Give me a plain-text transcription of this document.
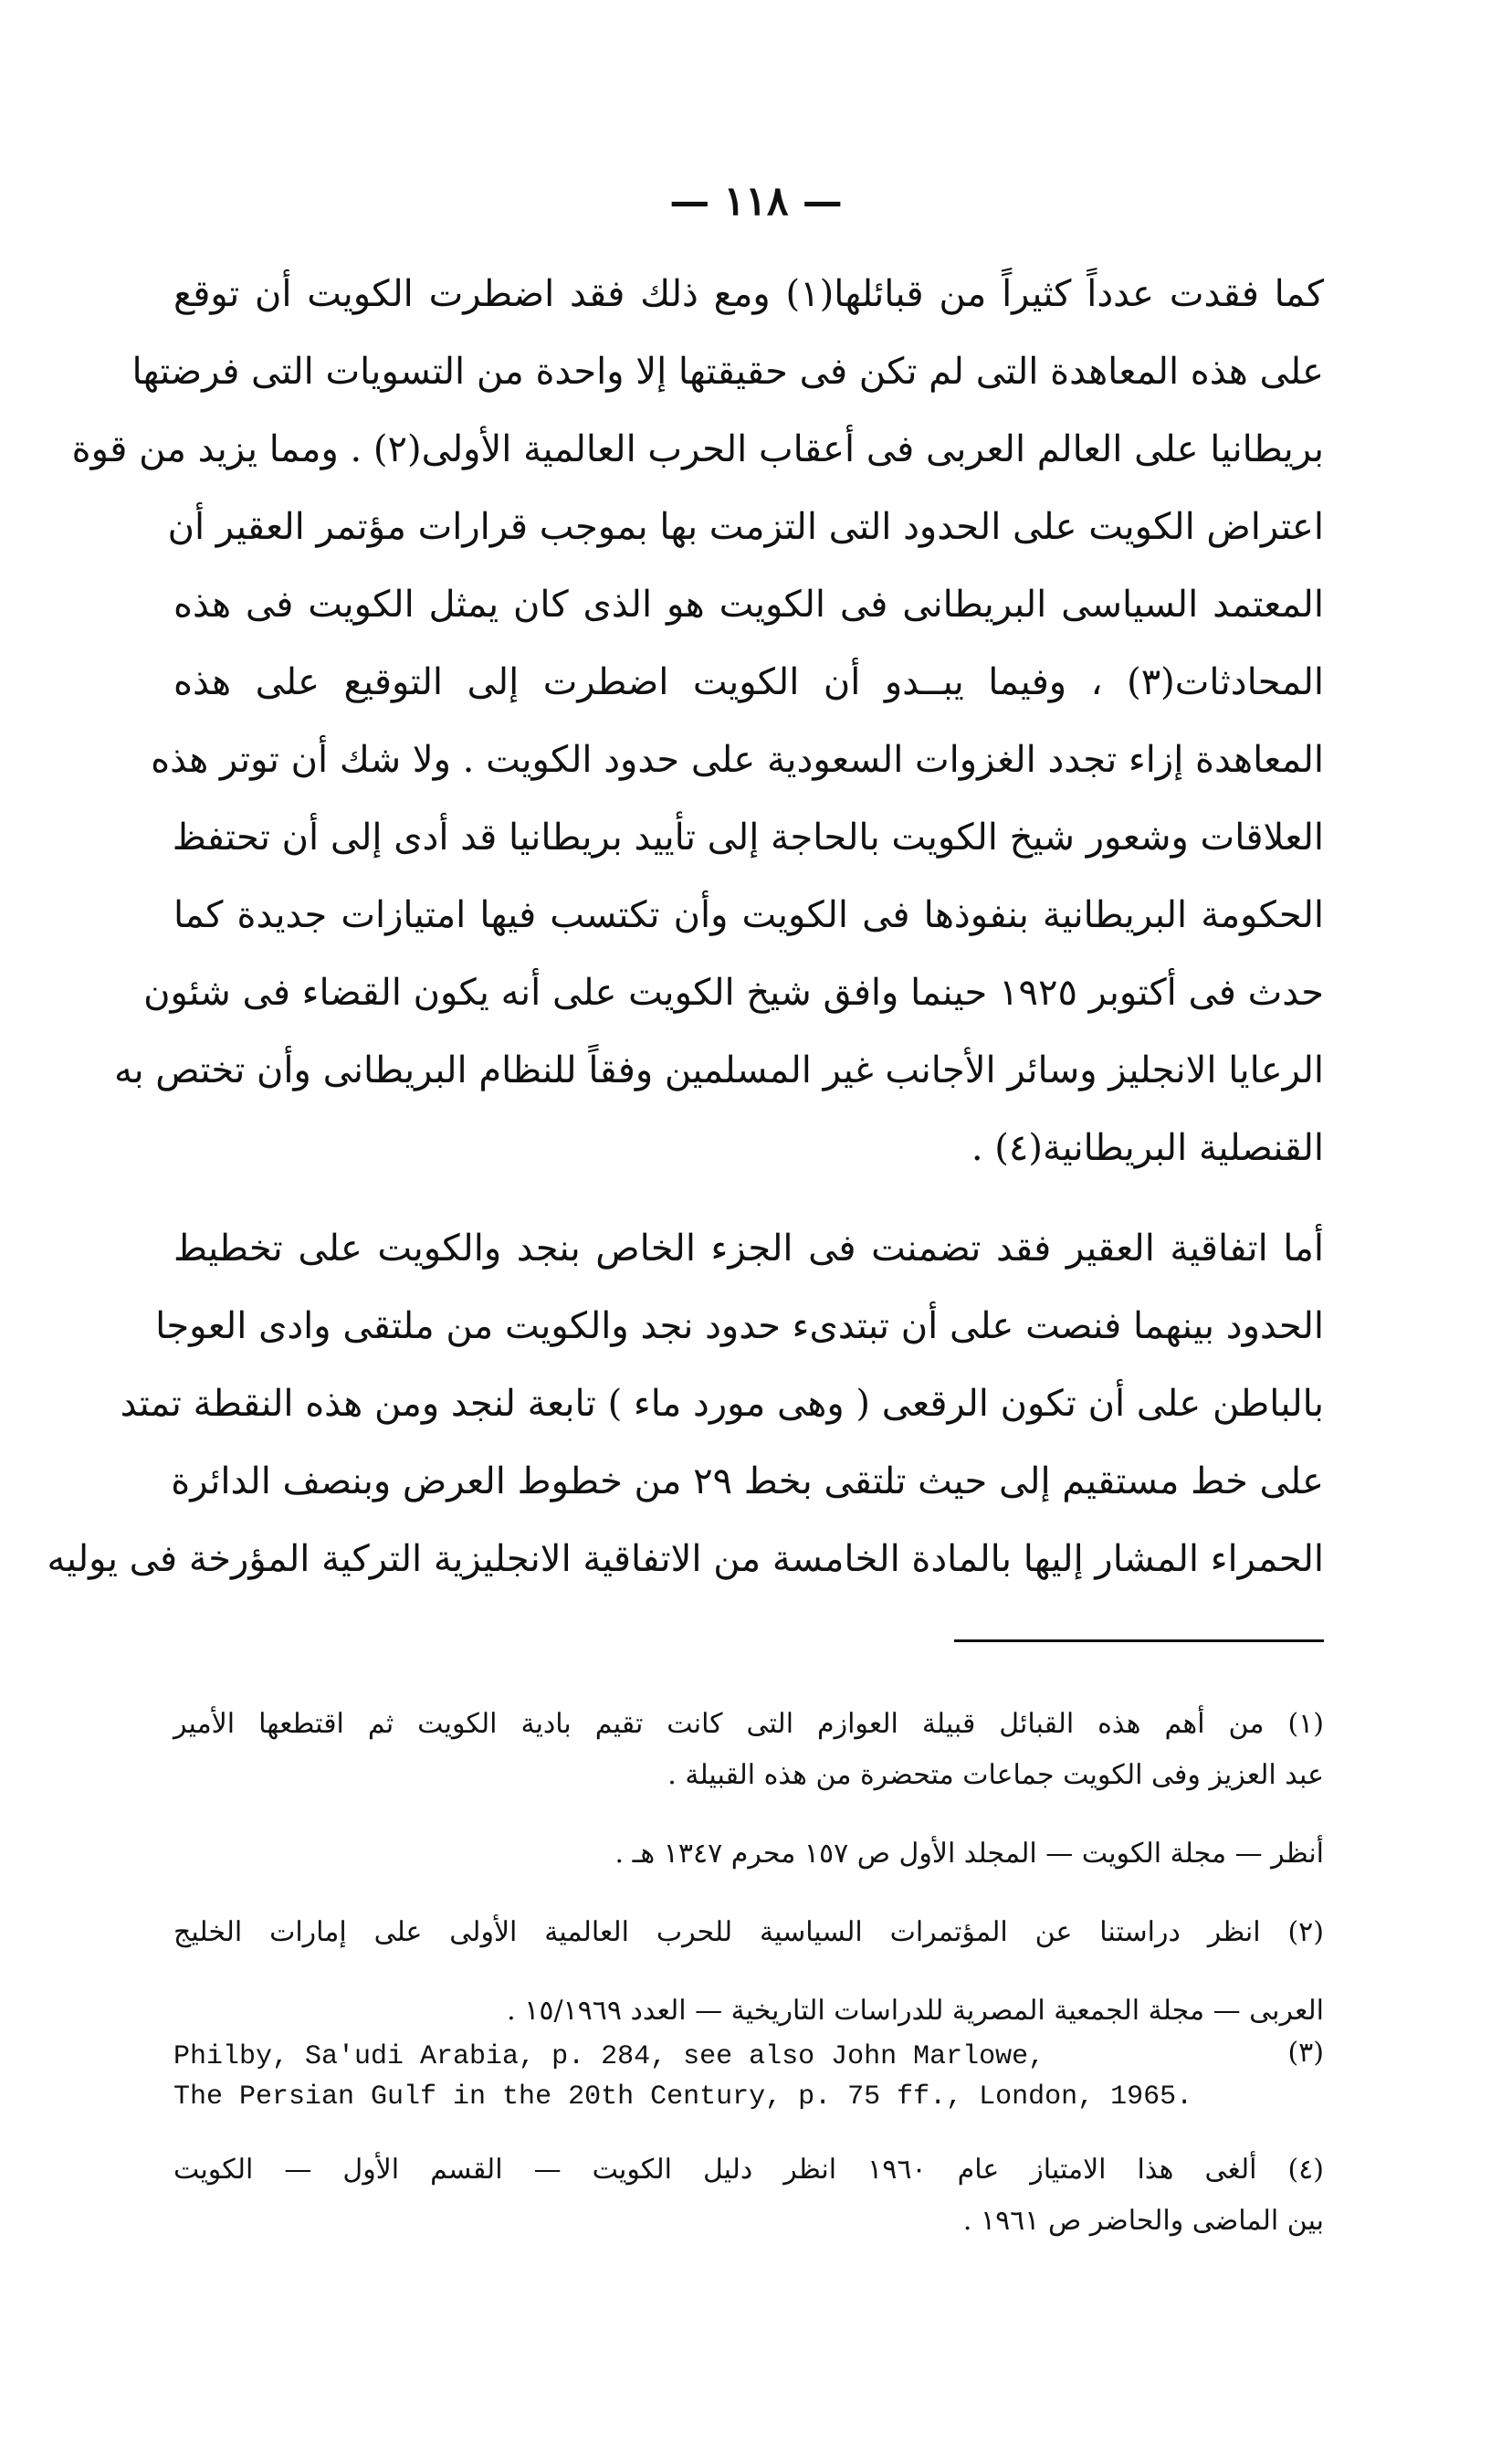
— ١١٨ —
كما فقدت عدداً كثيراً من قبائلها(١) ومع ذلك فقد اضطرت الكويت أن توقع
على هذه المعاهدة التى لم تكن فى حقيقتها إلا واحدة من التسويات التى فرضتها
بريطانيا على العالم العربى فى أعقاب الحرب العالمية الأولى(٢) . ومما يزيد من قوة
اعتراض الكويت على الحدود التى التزمت بها بموجب قرارات مؤتمر العقير أن
المعتمد السياسى البريطانى فى الكويت هو الذى كان يمثل الكويت فى هذه
المحادثات(٣) ، وفيما يبــدو أن الكويت اضطرت إلى التوقيع على هذه
المعاهدة إزاء تجدد الغزوات السعودية على حدود الكويت . ولا شك أن توتر هذه
العلاقات وشعور شيخ الكويت بالحاجة إلى تأييد بريطانيا قد أدى إلى أن تحتفظ
الحكومة البريطانية بنفوذها فى الكويت وأن تكتسب فيها امتيازات جديدة كما
حدث فى أكتوبر ١٩٢٥ حينما وافق شيخ الكويت على أنه يكون القضاء فى شئون
الرعايا الانجليز وسائر الأجانب غير المسلمين وفقاً للنظام البريطانى وأن تختص به
القنصلية البريطانية(٤) .
أما اتفاقية العقير فقد تضمنت فى الجزء الخاص بنجد والكويت على تخطيط
الحدود بينهما فنصت على أن تبتدىء حدود نجد والكويت من ملتقى وادى العوجا
بالباطن على أن تكون الرقعى ( وهى مورد ماء ) تابعة لنجد ومن هذه النقطة تمتد
على خط مستقيم إلى حيث تلتقى بخط ٢٩ من خطوط العرض وبنصف الدائرة
الحمراء المشار إليها بالمادة الخامسة من الاتفاقية الانجليزية التركية المؤرخة فى يوليه
(١) من أهم هذه القبائل قبيلة العوازم التى كانت تقيم بادية الكويت ثم اقتطعها الأمير
عبد العزيز وفى الكويت جماعات متحضرة من هذه القبيلة .
أنظر — مجلة الكويت — المجلد الأول ص ١٥٧ محرم ١٣٤٧ هـ .
(٢) انظر دراستنا عن المؤتمرات السياسية للحرب العالمية الأولى على إمارات الخليج
العربى — مجلة الجمعية المصرية للدراسات التاريخية — العدد ١٥/١٩٦٩ .
(٣)
Philby, Sa'udi Arabia, p. 284, see also John Marlowe,
The Persian Gulf in the 20th Century, p. 75 ff., London, 1965.
(٤) ألغى هذا الامتياز عام ١٩٦٠ انظر دليل الكويت — القسم الأول — الكويت
بين الماضى والحاضر ص ١٩٦١ .
